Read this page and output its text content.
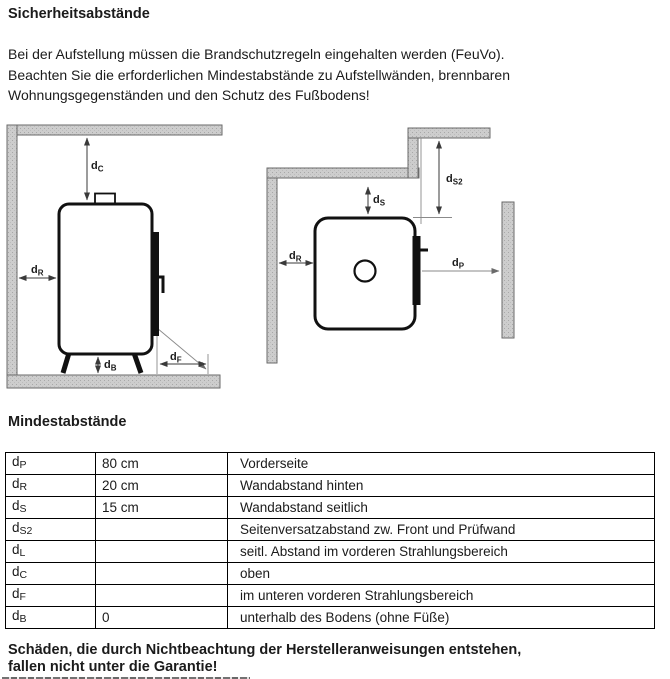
Sicherheitsabstände
Bei der Aufstellung müssen die Brandschutzregeln eingehalten werden (FeuVo).
Beachten Sie die erforderlichen Mindestabstände zu Aufstellwänden, brennbaren
Wohnungsgegenständen und den Schutz des Fußbodens!
$d_C$
$d_R$
$d_B$
$d_F$
$d_S$
$d_{S2}$
$d_R$	$d_P$
Mindestabstände
dP	80 cm	Vorderseite
dR	20 cm	Wandabstand hinten
dS	15 cm	Wandabstand seitlich
dS2		Seitenversatzabstand zw. Front und Prüfwand
dL		seitl. Abstand im vorderen Strahlungsbereich
dC		oben
dF		im unteren vorderen Strahlungsbereich
dB	0	unterhalb des Bodens (ohne Füße)
Schäden, die durch Nichtbeachtung der Herstelleranweisungen entstehen,
fallen nicht unter die Garantie!
